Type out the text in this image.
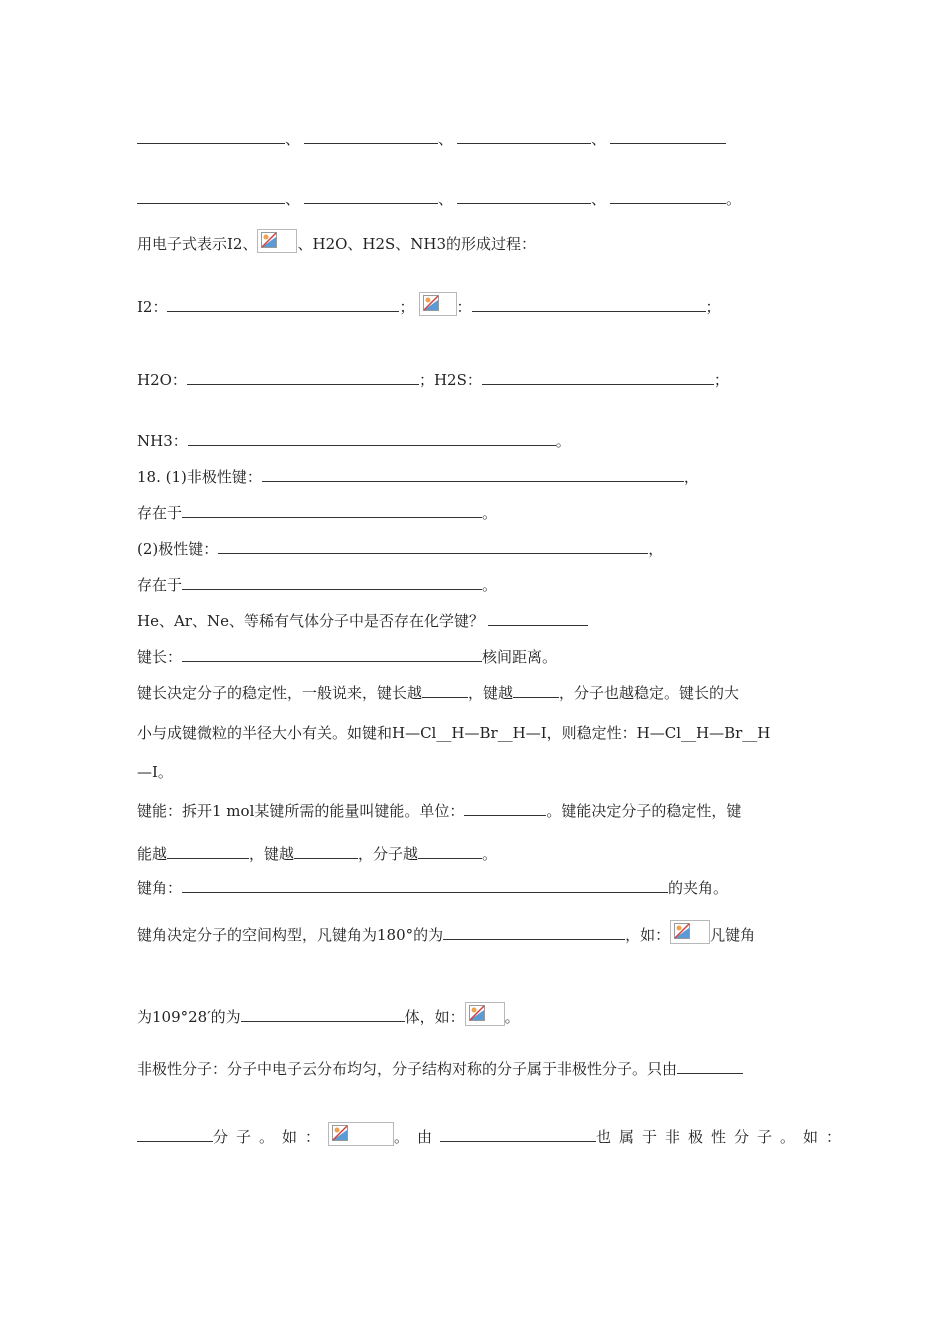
、	、	、
、	、	、	。
用电子式表示I2、	、H2O、H2S、NH3的形成过程：
I2：	；	：	；
H2O：	；H2S：	；
NH3：	。
18. (1)非极性键：	，
存在于	。
(2)极性键：	，
存在于	。
He、Ar、Ne、等稀有气体分子中是否存在化学键？
键长：	核间距离。
键长决定分子的稳定性，一般说来，键长越	，键越	，分子也越稳定。键长的大
小与成键微粒的半径大小有关。如键和H—Cl__H—Br__H—I，则稳定性：H—Cl__H—Br__H
—I。
键能：拆开1 mol某键所需的能量叫键能。单位：	。键能决定分子的稳定性，键
能越	，键越	，分子越	。
键角：	的夹角。
键角决定分子的空间构型，凡键角为180°的为	，如：	凡键角
为109°28′的为	体，如：	。
非极性分子：分子中电子云分布均匀，分子结构对称的分子属于非极性分子。只由
分子。如：	。由	也属于非极性分子。如：
